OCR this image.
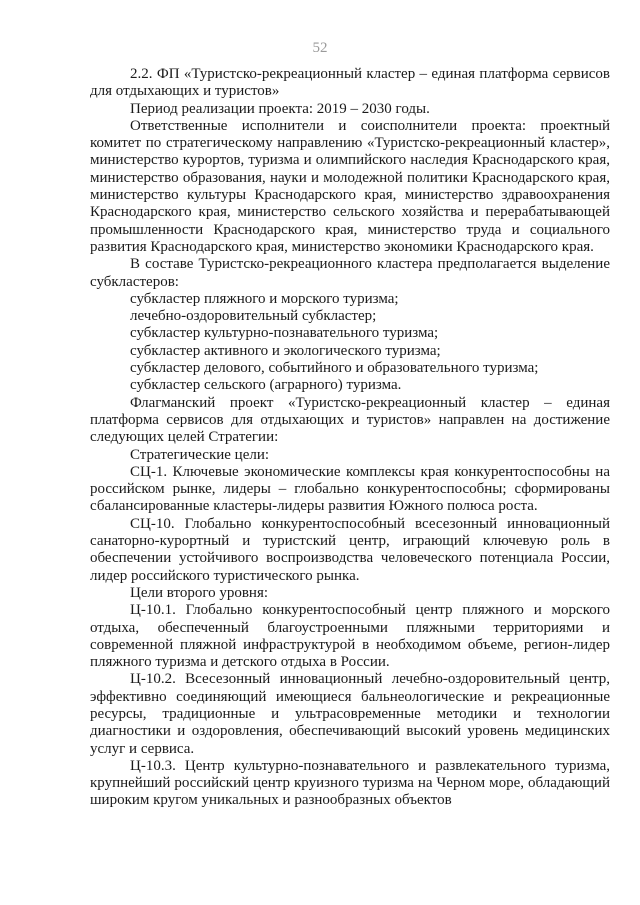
52

2.2. ФП «Туристско-рекреационный кластер – единая платформа сервисов для отдыхающих и туристов»

Период реализации проекта: 2019 – 2030 годы.

Ответственные исполнители и соисполнители проекта: проектный комитет по стратегическому направлению «Туристско-рекреационный кластер», министерство курортов, туризма и олимпийского наследия Краснодарского края, министерство образования, науки и молодежной политики Краснодарского края, министерство культуры Краснодарского края, министерство здравоохранения Краснодарского края, министерство сельского хозяйства и перерабатывающей промышленности Краснодарского края, министерство труда и социального развития Краснодарского края, министерство экономики Краснодарского края.

В составе Туристско-рекреационного кластера предполагается выделение субкластеров:

субкластер пляжного и морского туризма;

лечебно-оздоровительный субкластер;

субкластер культурно-познавательного туризма;

субкластер активного и экологического туризма;

субкластер делового, событийного и образовательного туризма;

субкластер сельского (аграрного) туризма.

Флагманский проект «Туристско-рекреационный кластер – единая платформа сервисов для отдыхающих и туристов» направлен на достижение следующих целей Стратегии:

Стратегические цели:

СЦ-1. Ключевые экономические комплексы края конкурентоспособны на российском рынке, лидеры – глобально конкурентоспособны; сформированы сбалансированные кластеры-лидеры развития Южного полюса роста.

СЦ-10. Глобально конкурентоспособный всесезонный инновационный санаторно-курортный и туристский центр, играющий ключевую роль в обеспечении устойчивого воспроизводства человеческого потенциала России, лидер российского туристического рынка.

Цели второго уровня:

Ц-10.1. Глобально конкурентоспособный центр пляжного и морского отдыха, обеспеченный благоустроенными пляжными территориями и современной пляжной инфраструктурой в необходимом объеме, регион-лидер пляжного туризма и детского отдыха в России.

Ц-10.2. Всесезонный инновационный лечебно-оздоровительный центр, эффективно соединяющий имеющиеся бальнеологические и рекреационные ресурсы, традиционные и ультрасовременные методики и технологии диагностики и оздоровления, обеспечивающий высокий уровень медицинских услуг и сервиса.

Ц-10.3. Центр культурно-познавательного и развлекательного туризма, крупнейший российский центр круизного туризма на Черном море, обладающий широким кругом уникальных и разнообразных объектов
